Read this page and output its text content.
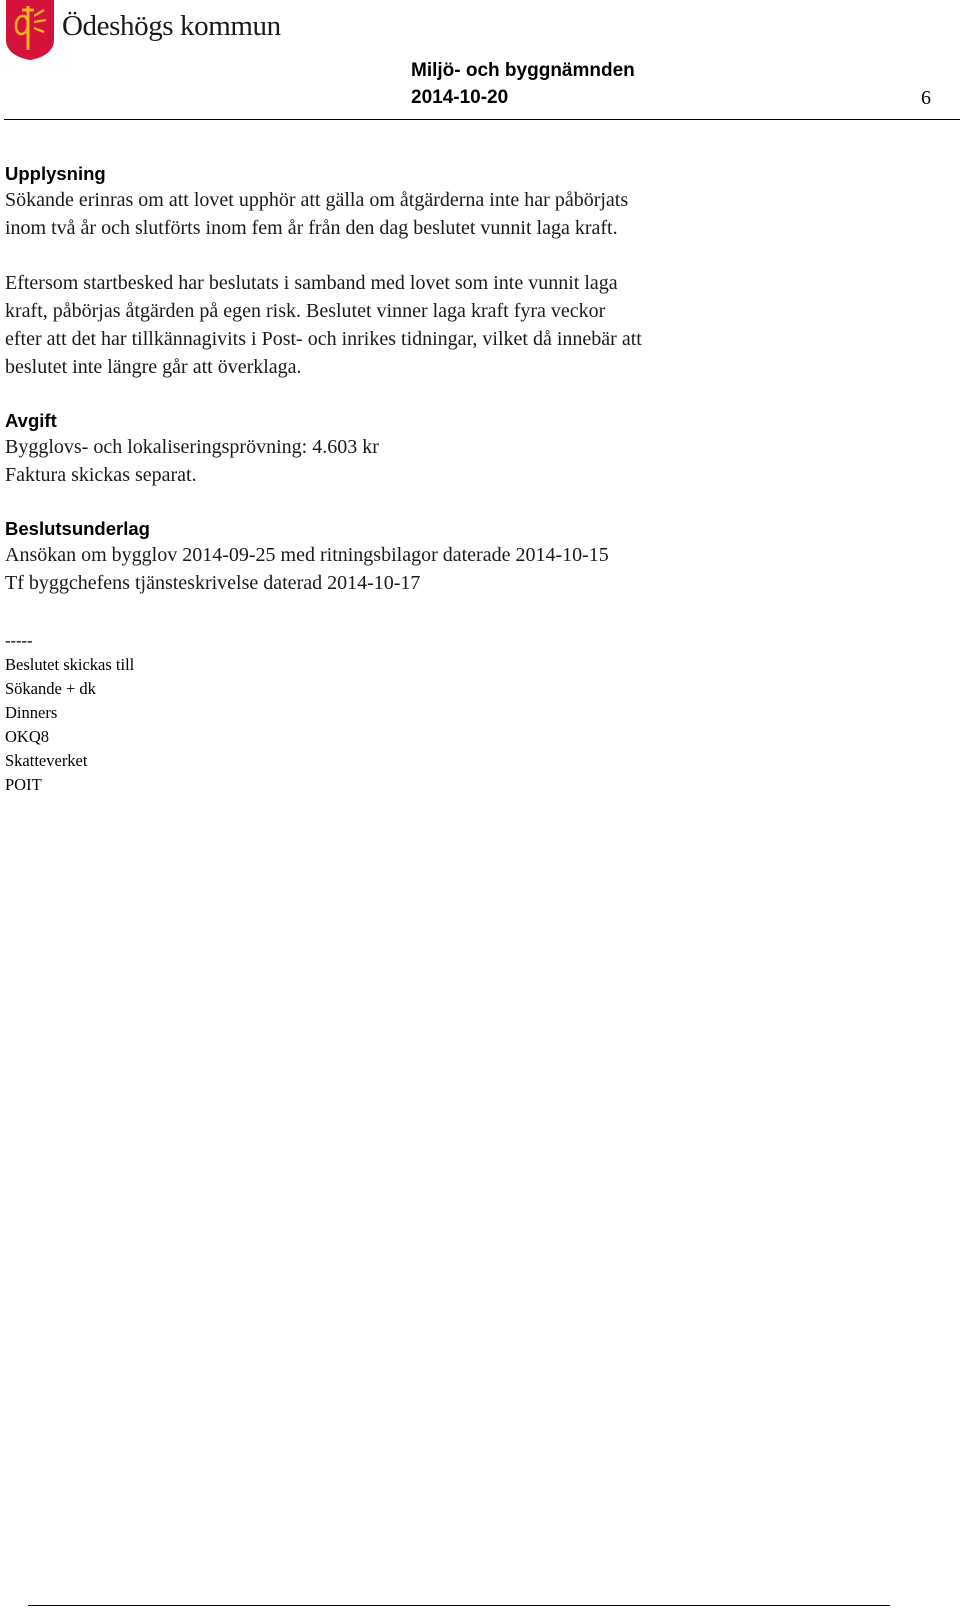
Ödeshögs kommun
Miljö- och byggnämnden
2014-10-20	6
Upplysning
Sökande erinras om att lovet upphör att gälla om åtgärderna inte har påbörjats
inom två år och slutförts inom fem år från den dag beslutet vunnit laga kraft.
Eftersom startbesked har beslutats i samband med lovet som inte vunnit laga
kraft, påbörjas åtgärden på egen risk. Beslutet vinner laga kraft fyra veckor
efter att det har tillkännagivits i Post- och inrikes tidningar, vilket då innebär att
beslutet inte längre går att överklaga.
Avgift
Bygglovs- och lokaliseringsprövning: 4.603 kr
Faktura skickas separat.
Beslutsunderlag
Ansökan om bygglov 2014-09-25 med ritningsbilagor daterade 2014-10-15
Tf byggchefens tjänsteskrivelse daterad 2014-10-17
-----
Beslutet skickas till
Sökande + dk
Dinners
OKQ8
Skatteverket
POIT
